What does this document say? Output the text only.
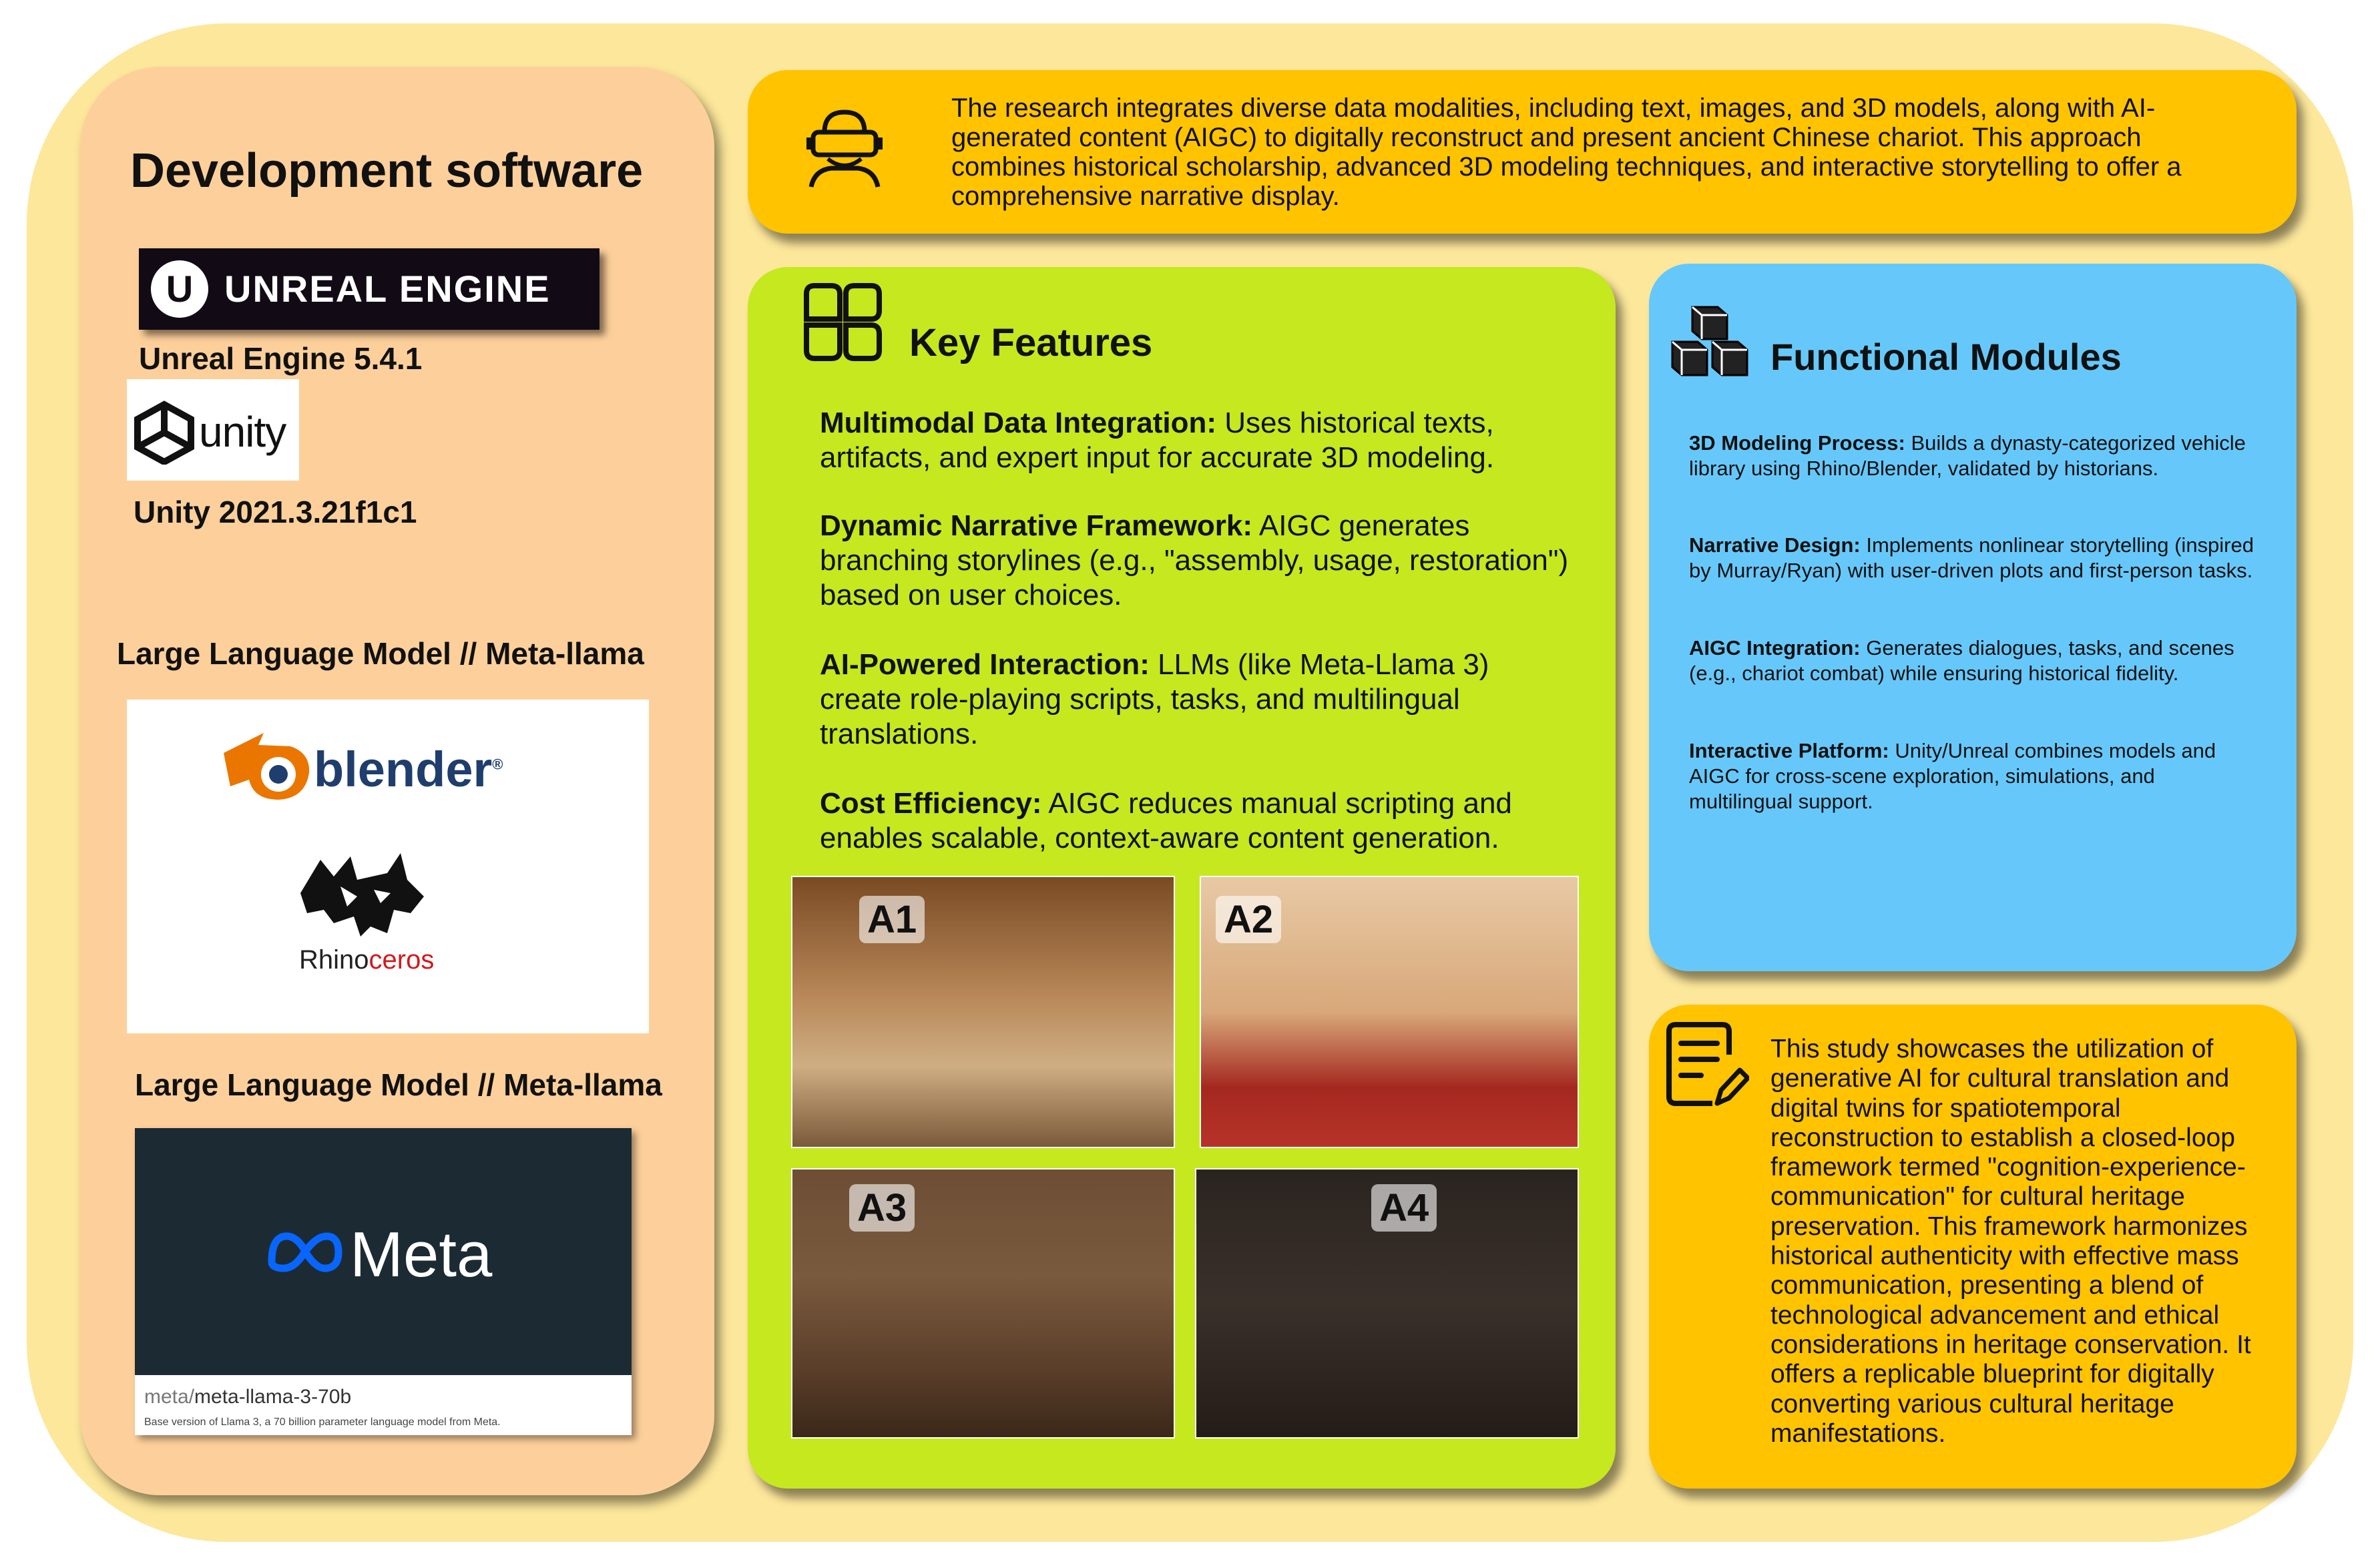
Development software
U UNREAL ENGINE
Unreal Engine 5.4.1
unity
Unity 2021.3.21f1c1
Large Language Model // Meta-llama
blender®
Rhinoceros
Large Language Model // Meta-llama
Meta
meta/meta-llama-3-70b
Base version of Llama 3, a 70 billion parameter language model from Meta.
The research integrates diverse data modalities, including text, images, and 3D models, along with AI-generated content (AIGC) to digitally reconstruct and present ancient Chinese chariot. This approach combines historical scholarship, advanced 3D modeling techniques, and interactive storytelling to offer a comprehensive narrative display.
Key Features
Multimodal Data Integration: Uses historical texts, artifacts, and expert input for accurate 3D modeling.
Dynamic Narrative Framework: AIGC generates branching storylines (e.g., "assembly, usage, restoration") based on user choices.
AI-Powered Interaction: LLMs (like Meta-Llama 3) create role-playing scripts, tasks, and multilingual translations.
Cost Efficiency: AIGC reduces manual scripting and enables scalable, context-aware content generation.
A1	A2
A3	A4
Functional Modules
3D Modeling Process: Builds a dynasty-categorized vehicle library using Rhino/Blender, validated by historians.
Narrative Design: Implements nonlinear storytelling (inspired by Murray/Ryan) with user-driven plots and first-person tasks.
AIGC Integration: Generates dialogues, tasks, and scenes (e.g., chariot combat) while ensuring historical fidelity.
Interactive Platform: Unity/Unreal combines models and AIGC for cross-scene exploration, simulations, and multilingual support.
This study showcases the utilization of generative AI for cultural translation and digital twins for spatiotemporal reconstruction to establish a closed-loop framework termed "cognition-experience-communication" for cultural heritage preservation. This framework harmonizes historical authenticity with effective mass communication, presenting a blend of technological advancement and ethical considerations in heritage conservation. It offers a replicable blueprint for digitally converting various cultural heritage manifestations.
